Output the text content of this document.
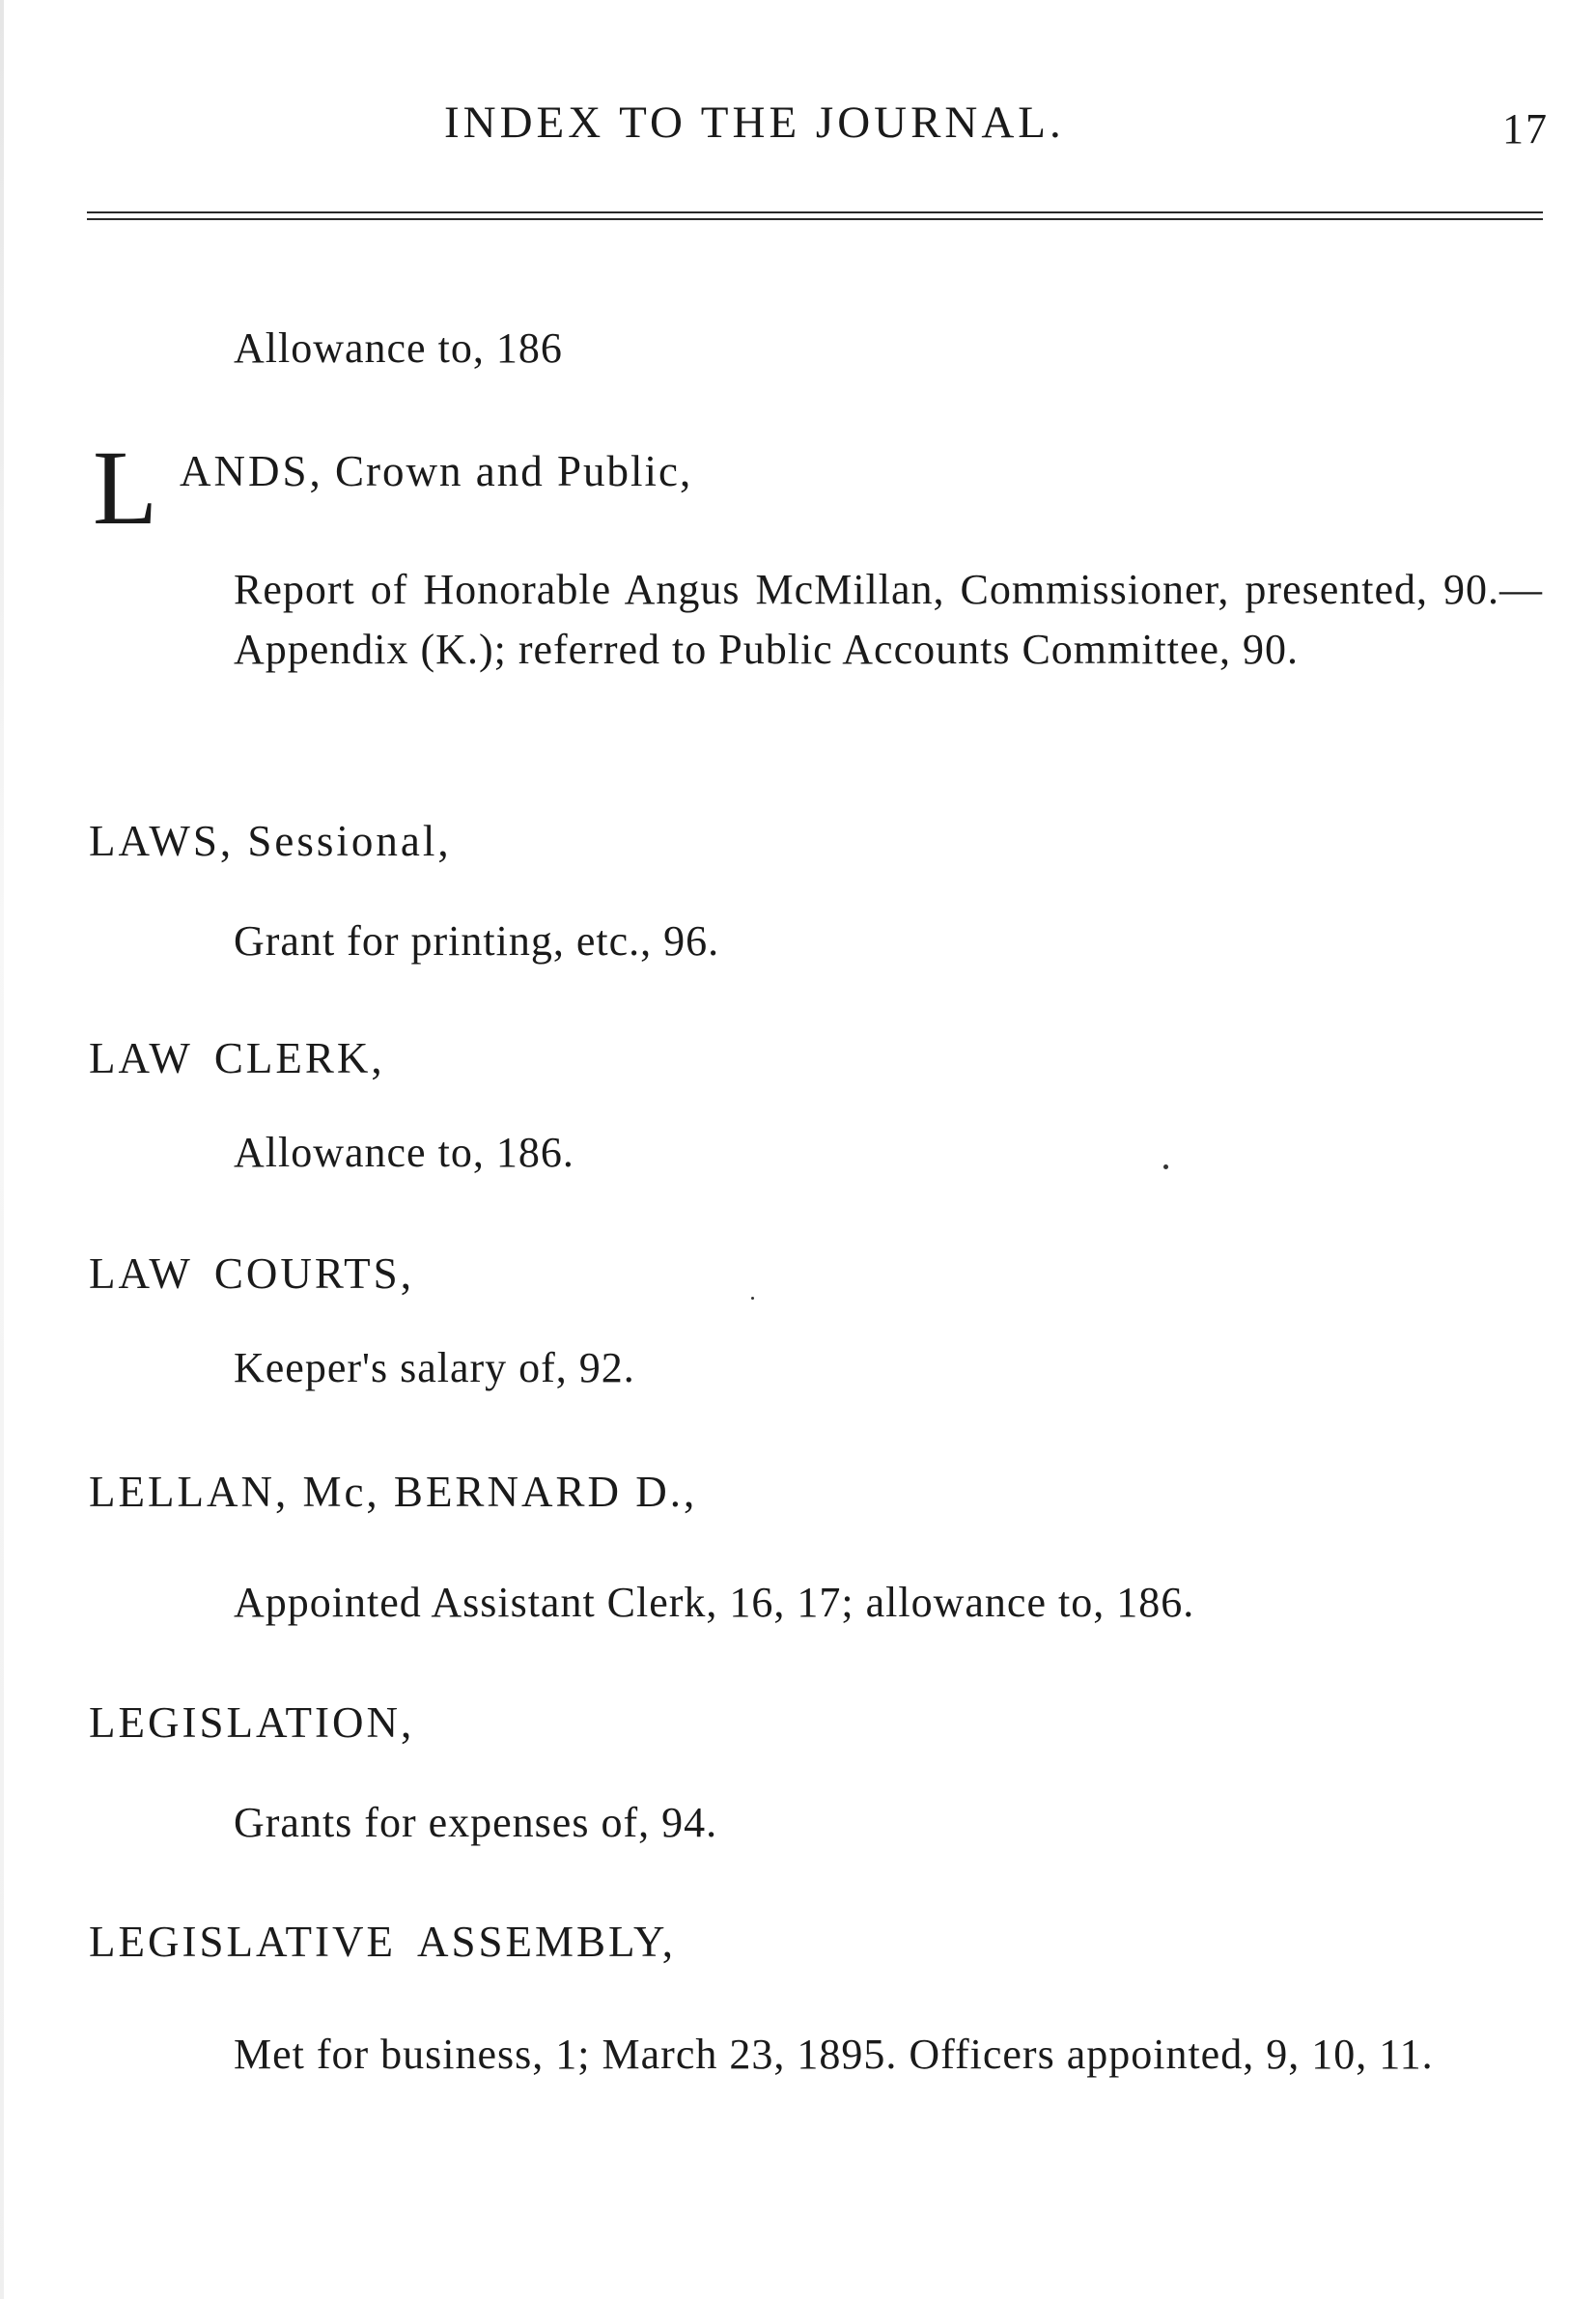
INDEX TO THE JOURNAL.	17
Allowance to, 186
L ANDS, Crown and Public,
Report of Honorable Angus McMillan, Commissioner, presented, 90.—Appendix (K.); referred to Public Accounts Committee, 90.
LAWS, Sessional,
Grant for printing, etc., 96.
LAW CLERK,
Allowance to, 186.
LAW COURTS,
Keeper's salary of, 92.
LELLAN, Mc, BERNARD D.,
Appointed Assistant Clerk, 16, 17; allowance to, 186.
LEGISLATION,
Grants for expenses of, 94.
LEGISLATIVE ASSEMBLY,
Met for business, 1; March 23, 1895. Officers appointed, 9, 10, 11.
